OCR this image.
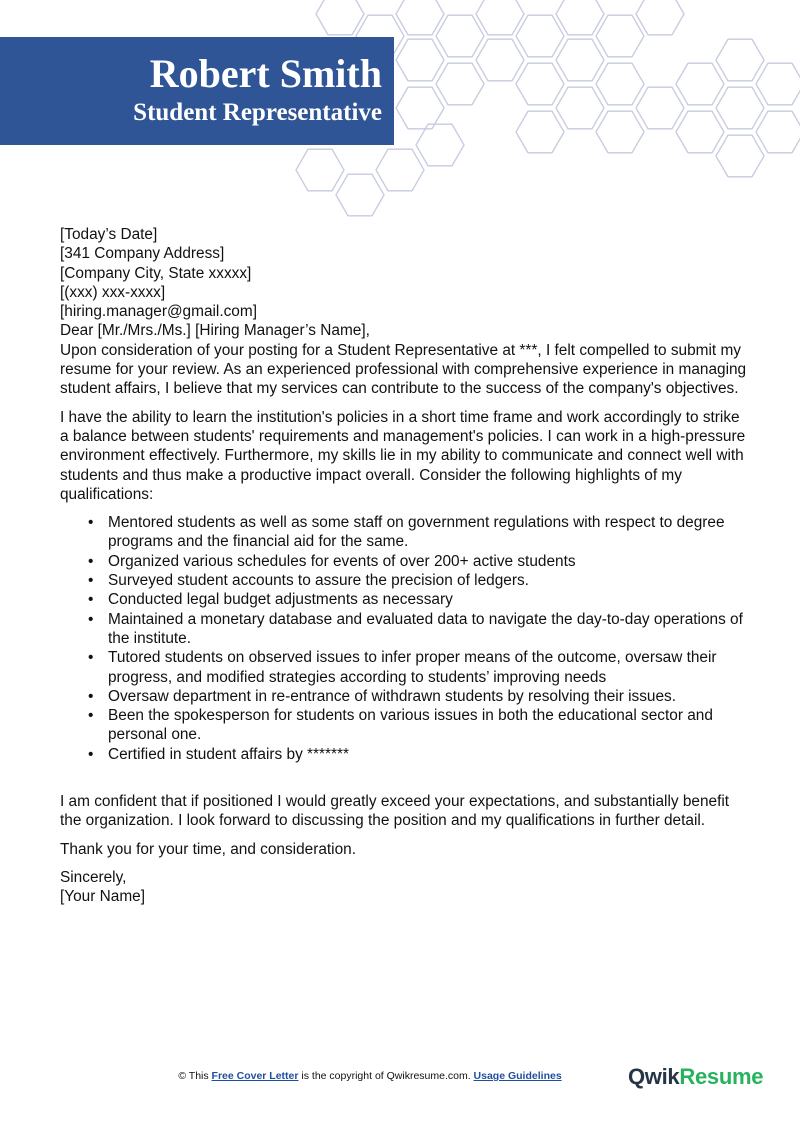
Robert Smith
Student Representative

[Today’s Date]

[341 Company Address]

[Company City, State xxxxx]

[(xxx) xxx-xxxx]

[hiring.manager@gmail.com]

Dear [Mr./Mrs./Ms.] [Hiring Manager’s Name],

Upon consideration of your posting for a Student Representative at ***, I felt compelled to submit my resume for your review. As an experienced professional with comprehensive experience in managing student affairs, I believe that my services can contribute to the success of the company's objectives.

I have the ability to learn the institution's policies in a short time frame and work accordingly to strike a balance between students' requirements and management's policies. I can work in a high-pressure environment effectively. Furthermore, my skills lie in my ability to communicate and connect well with students and thus make a productive impact overall. Consider the following highlights of my qualifications:

• Mentored students as well as some staff on government regulations with respect to degree programs and the financial aid for the same.
• Organized various schedules for events of over 200+ active students
• Surveyed student accounts to assure the precision of ledgers.
• Conducted legal budget adjustments as necessary
• Maintained a monetary database and evaluated data to navigate the day-to-day operations of the institute.
• Tutored students on observed issues to infer proper means of the outcome, oversaw their progress, and modified strategies according to students’ improving needs
• Oversaw department in re-entrance of withdrawn students by resolving their issues.
• Been the spokesperson for students on various issues in both the educational sector and personal one.
• Certified in student affairs by *******

I am confident that if positioned I would greatly exceed your expectations, and substantially benefit the organization. I look forward to discussing the position and my qualifications in further detail.

Thank you for your time, and consideration.

Sincerely,

[Your Name]

© This Free Cover Letter is the copyright of Qwikresume.com. Usage Guidelines	QwikResume
